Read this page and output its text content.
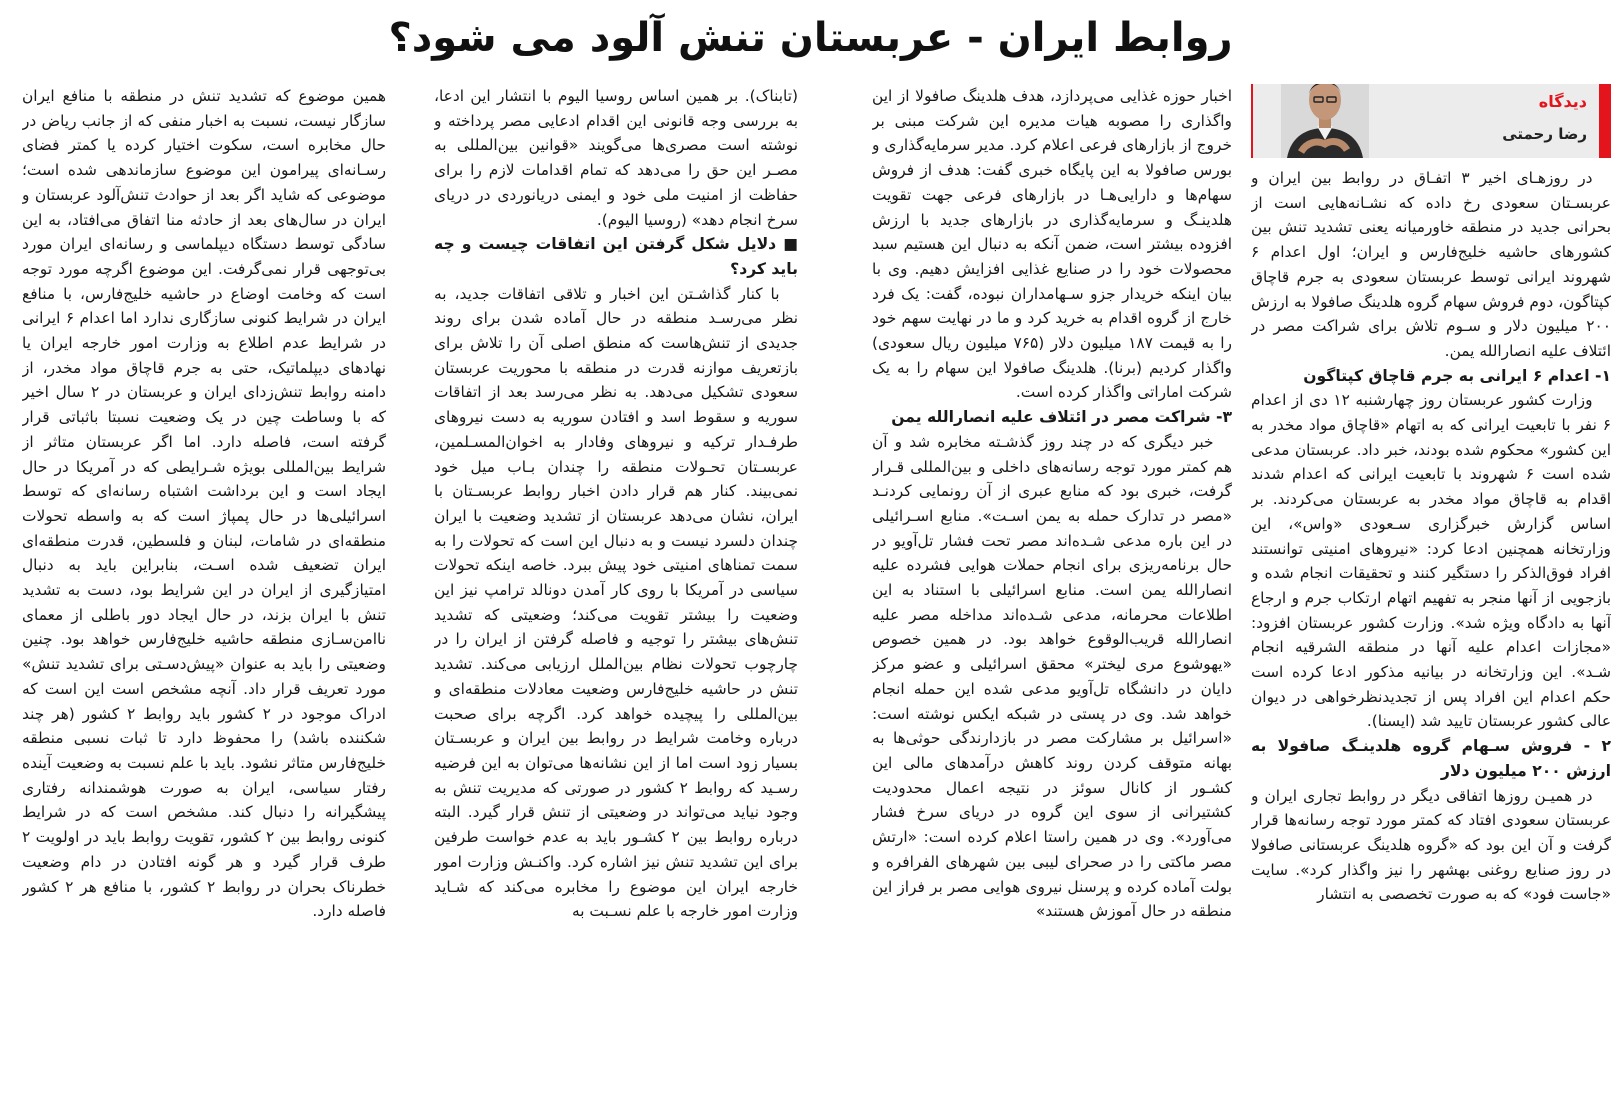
روابط ایران - عربستان تنش آلود می شود؟
دیدگاه
رضا رحمتی

در روزهـای اخیر ۳ اتفـاق در روابط بین ایران و عربسـتان سعودی رخ داده که نشـانه‌هایی است از بحرانی جدید در منطقه خاورمیانه یعنی تشدید تنش بین کشورهای حاشیه خلیج‌فارس و ایران؛ اول اعدام ۶ شهروند ایرانی توسط عربستان سعودی به جرم قاچاق کپتاگون، دوم فروش سهام گروه هلدینگ صافولا به ارزش ۲۰۰ میلیون دلار و سـوم تلاش برای شراکت مصر در ائتلاف علیه انصارالله یمن.

۱- اعدام ۶ ایرانی به جرم قاچاق کپتاگون

وزارت کشور عربستان روز چهارشنبه ۱۲ دی از اعدام ۶ نفر با تابعیت ایرانی که به اتهام «قاچاق مواد مخدر به این کشور» محکوم شده بودند، خبر داد. عربستان مدعی شده است ۶ شهروند با تابعیت ایرانی که اعدام شدند اقدام به قاچاق مواد مخدر به عربستان می‌کردند. بر اساس گزارش خبرگزاری سـعودی «واس»، این وزارتخانه همچنین ادعا کرد: «نیروهای امنیتی توانستند افراد فوق‌الذکر را دستگیر کنند و تحقیقات انجام شده و بازجویی از آنها منجر به تفهیم اتهام ارتکاب جرم و ارجاع آنها به دادگاه ویژه شد». وزارت کشور عربستان افزود: «مجازات اعدام علیه آنها در منطقه الشرقیه انجام شـد». این وزارتخانه در بیانیه مذکور ادعا کرده است حکم اعدام این افراد پس از تجدیدنظرخواهی در دیوان عالی کشور عربستان تایید شد (ایسنا).

۲ - فروش سـهام گروه هلدینـگ صافولا به ارزش ۲۰۰ میلیون دلار

در همیـن روزها اتفاقی دیگر در روابط تجاری ایران و عربستان سعودی افتاد که کمتر مورد توجه رسانه‌ها قرار گرفت و آن این بود که «گروه هلدینگ عربستانی صافولا در روز صنایع روغنی بهشهر را نیز واگذار کرد». سایت «جاست فود» که به صورت تخصصی به انتشار

اخبار حوزه غذایی می‌پردازد، هدف هلدینگ صافولا از این واگذاری را مصوبه هیات مدیره این شرکت مبنی بر خروج از بازارهای فرعی اعلام کرد. مدیر سرمایه‌گذاری و بورس صافولا به این پایگاه خبری گفت: هدف از فروش سهام‌ها و دارایی‌هـا در بازارهای فرعی جهت تقویت هلدینـگ و سرمایه‌گذاری در بازارهای جدید با ارزش افزوده بیشتر است، ضمن آنکه به دنبال این هستیم سبد محصولات خود را در صنایع غذایی افزایش دهیم. وی با بیان اینکه خریدار جزو سـهامداران نبوده، گفت: یک فرد خارج از گروه اقدام به خرید کرد و ما در نهایت سهم خود را به قیمت ۱۸۷ میلیون دلار (۷۶۵ میلیون ریال سعودی) واگذار کردیم (برنا). هلدینگ صافولا این سهام را به یک شرکت اماراتی واگذار کرده است.

۳- شراکت مصر در ائتلاف علیه انصارالله یمن

خبر دیگری که در چند روز گذشـته مخابره شد و آن هم کمتر مورد توجه رسانه‌های داخلی و بین‌المللی قـرار گرفت، خبری بود که منابع عبری از آن رونمایی کردنـد «مصر در تدارک حمله به یمن اسـت». منابع اسـرائیلی در این باره مدعی شـده‌اند مصر تحت فشار تل‌آویو در حال برنامه‌ریزی برای انجام حملات هوایی فشرده علیه انصارالله یمن است. منابع اسرائیلی با استناد به این اطلاعات محرمانه، مدعی شـده‌اند مداخله مصر علیه انصارالله قریب‌الوقوع خواهد بود. در همین خصوص «یهوشوع مری لیختر» محقق اسرائیلی و عضو مرکز دایان در دانشگاه تل‌آویو مدعی شده این حمله انجام خواهد شد. وی در پستی در شبکه ایکس نوشته است: «اسرائیل بر مشارکت مصر در بازدارندگی حوثی‌ها به بهانه متوقف کردن روند کاهش درآمدهای مالی این کشـور از کانال سوئز در نتیجه اعمال محدودیت کشتیرانی از سوی این گروه در دریای سرخ فشار می‌آورد». وی در همین راستا اعلام کرده است: «ارتش مصر ماکتی را در صحرای لیبی بین شهرهای الفرافره و بولت آماده کرده و پرسنل نیروی هوایی مصر بر فراز این منطقه در حال آموزش هستند»

(تابناک). بر همین اساس روسیا الیوم با انتشار این ادعا، به بررسی وجه قانونی این اقدام ادعایی مصر پرداخته و نوشته است مصری‌ها می‌گویند «قوانین بین‌المللی به مصـر این حق را می‌دهد که تمام اقدامات لازم را برای حفاظت از امنیت ملی خود و ایمنی دریانوردی در دریای سرخ انجام دهد» (روسیا الیوم).

■ دلایل شکل گرفتن این اتفاقات چیست و چه باید کرد؟

با کنار گذاشـتن این اخبار و تلاقی اتفاقات جدید، به نظر می‌رسـد منطقه در حال آماده شدن برای روند جدیدی از تنش‌هاست که منطق اصلی آن را تلاش برای بازتعریف موازنه قدرت در منطقه با محوریت عربستان سعودی تشکیل می‌دهد. به نظر می‌رسد بعد از اتفاقات سوریه و سقوط اسد و افتادن سوریه به دست نیروهای طرفـدار ترکیه و نیروهای وفادار به اخوان‌المسـلمین، عربسـتان تحـولات منطقه را چندان بـاب میل خود نمی‌بیند. کنار هم قرار دادن اخبار روابط عربسـتان با ایران، نشان می‌دهد عربستان از تشدید وضعیت با ایران چندان دلسرد نیست و به دنبال این است که تحولات را به سمت تمناهای امنیتی خود پیش ببرد. خاصه اینکه تحولات سیاسی در آمریکا با روی کار آمدن دونالد ترامپ نیز این وضعیت را بیشتر تقویت می‌کند؛ وضعیتی که تشدید تنش‌های بیشتر را توجیه و فاصله گرفتن از ایران را در چارچوب تحولات نظام بین‌الملل ارزیابی می‌کند. تشدید تنش در حاشیه خلیج‌فارس وضعیت معادلات منطقه‌ای و بین‌المللی را پیچیده خواهد کرد. اگرچه برای صحبت درباره وخامت شرایط در روابط بین ایران و عربسـتان بسیار زود است اما از این نشانه‌ها می‌توان به این فرضیه رسـید که روابط ۲ کشور در صورتی که مدیریت تنش به وجود نیاید می‌تواند در وضعیتی از تنش قرار گیرد. البته درباره روابط بین ۲ کشـور باید به عدم خواست طرفین برای این تشدید تنش نیز اشاره کرد. واکنـش وزارت امور خارجه ایران این موضوع را مخابره می‌کند که شـاید وزارت امور خارجه با علم نسـبت به

همین موضوع که تشدید تنش در منطقه با منافع ایران سازگار نیست، نسبت به اخبار منفی که از جانب ریاض در حال مخابره است، سکوت اختیار کرده یا کمتر فضای رسـانه‌ای پیرامون این موضوع سازماندهی شده است؛ موضوعی که شاید اگر بعد از حوادث تنش‌آلود عربستان و ایران در سال‌های بعد از حادثه منا اتفاق می‌افتاد، به این سادگی توسط دستگاه دیپلماسی و رسانه‌ای ایران مورد بی‌توجهی قرار نمی‌گرفت. این موضوع اگرچه مورد توجه است که وخامت اوضاع در حاشیه خلیج‌فارس، با منافع ایران در شرایط کنونی سازگاری ندارد اما اعدام ۶ ایرانی در شرایط عدم اطلاع به وزارت امور خارجه ایران یا نهادهای دیپلماتیک، حتی به جرم قاچاق مواد مخدر، از دامنه روابط تنش‌زدای ایران و عربستان در ۲ سال اخیر که با وساطت چین در یک وضعیت نسبتا باثباتی قرار گرفته است، فاصله دارد. اما اگر عربستان متاثر از شرایط بین‌المللی بویژه شـرایطی که در آمریکا در حال ایجاد است و این برداشت اشتباه رسانه‌ای که توسط اسرائیلی‌ها در حال پمپاژ است که به واسطه تحولات منطقه‌ای در شامات، لبنان و فلسطین، قدرت منطقه‌ای ایران تضعیف شده اسـت، بنابراین باید به دنبال امتیازگیری از ایران در این شرایط بود، دست به تشدید تنش با ایران بزند، در حال ایجاد دور باطلی از معمای ناامن‌سـازی منطقه حاشیه خلیج‌فارس خواهد بود. چنین وضعیتی را باید به عنوان «پیش‌دسـتی برای تشدید تنش» مورد تعریف قرار داد. آنچه مشخص است این است که ادراک موجود در ۲ کشور باید روابط ۲ کشور (هر چند شکننده باشد) را محفوظ دارد تا ثبات نسبی منطقه خلیج‌فارس متاثر نشود. باید با علم نسبت به وضعیت آینده رفتار سیاسی، ایران به صورت هوشمندانه رفتاری پیشگیرانه را دنبال کند. مشخص است که در شرایط کنونی روابط بین ۲ کشور، تقویت روابط باید در اولویت ۲ طرف قرار گیرد و هر گونه افتادن در دام وضعیت خطرناک بحران در روابط ۲ کشور، با منافع هر ۲ کشور فاصله دارد.
